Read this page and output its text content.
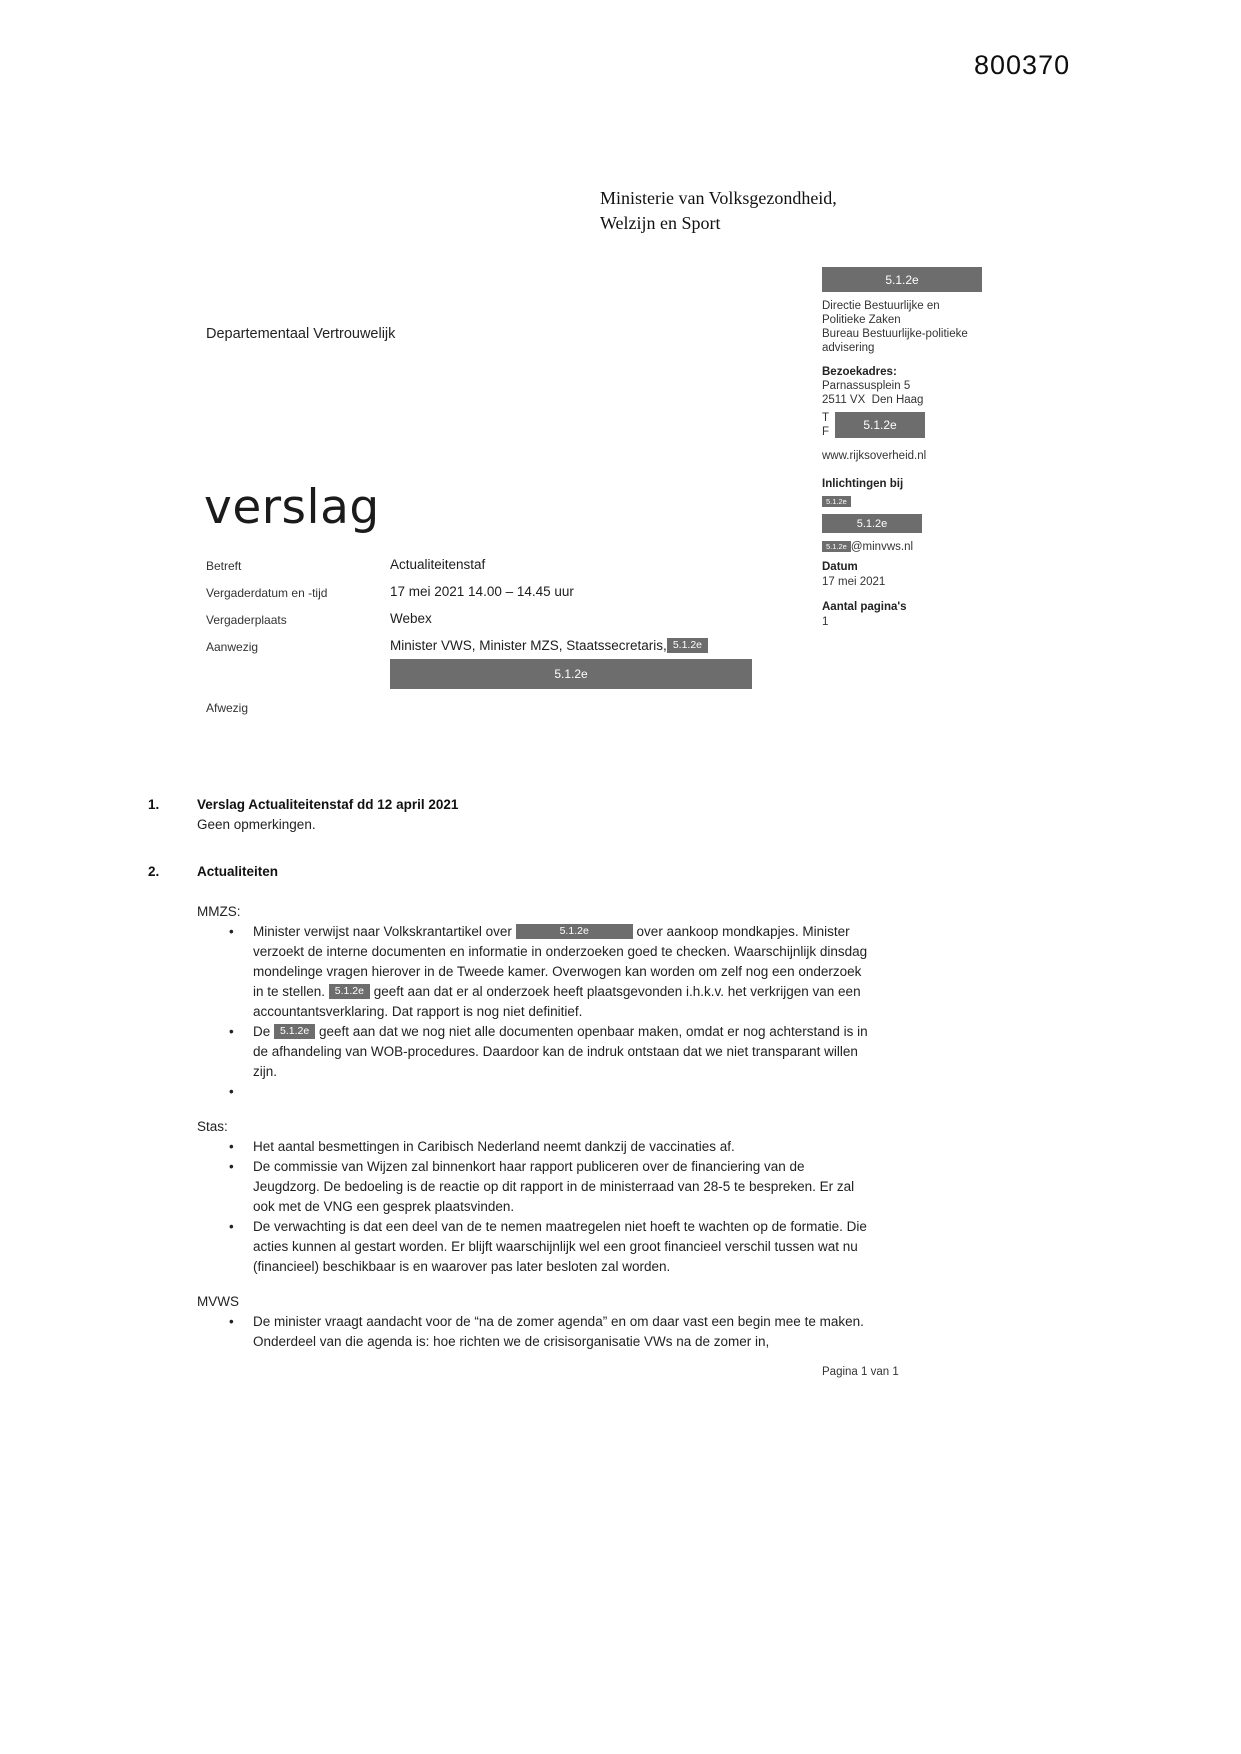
800370
Ministerie van Volksgezondheid,
Welzijn en Sport
Departementaal Vertrouwelijk
verslag
5.1.2e
Directie Bestuurlijke en
Politieke Zaken
Bureau Bestuurlijke-politieke
advisering
Bezoekadres:
Parnassusplein 5
2511 VX  Den Haag
T
F	5.1.2e
www.rijksoverheid.nl
Inlichtingen bij
5.1.2e
5.1.2e
5.1.2e @minvws.nl
Datum
17 mei 2021
Aantal pagina's
1
Betreft	Actualiteitenstaf
Vergaderdatum en -tijd	17 mei 2021 14.00 – 14.45 uur
Vergaderplaats	Webex
Aanwezig	Minister VWS, Minister MZS, Staatssecretaris, 5.1.2e
5.1.2e
Afwezig
1.	Verslag Actualiteitenstaf dd 12 april 2021
Geen opmerkingen.
2.	Actualiteiten
MMZS:
• Minister verwijst naar Volkskrantartikel over	5.1.2e	over aankoop mondkapjes. Minister verzoekt de interne documenten en informatie in onderzoeken goed te checken. Waarschijnlijk dinsdag mondelinge vragen hierover in de Tweede kamer. Overwogen kan worden om zelf nog een onderzoek in te stellen. 5.1.2e geeft aan dat er al onderzoek heeft plaatsgevonden i.h.k.v. het verkrijgen van een accountantsverklaring. Dat rapport is nog niet definitief.
• De 5.1.2e geeft aan dat we nog niet alle documenten openbaar maken, omdat er nog achterstand is in de afhandeling van WOB-procedures. Daardoor kan de indruk ontstaan dat we niet transparant willen zijn.
•
Stas:
• Het aantal besmettingen in Caribisch Nederland neemt dankzij de vaccinaties af.
• De commissie van Wijzen zal binnenkort haar rapport publiceren over de financiering van de Jeugdzorg. De bedoeling is de reactie op dit rapport in de ministerraad van 28-5 te bespreken. Er zal ook met de VNG een gesprek plaatsvinden.
• De verwachting is dat een deel van de te nemen maatregelen niet hoeft te wachten op de formatie. Die acties kunnen al gestart worden. Er blijft waarschijnlijk wel een groot financieel verschil tussen wat nu (financieel) beschikbaar is en waarover pas later besloten zal worden.
MVWS
• De minister vraagt aandacht voor de “na de zomer agenda” en om daar vast een begin mee te maken. Onderdeel van die agenda is: hoe richten we de crisisorganisatie VWs na de zomer in,
Pagina 1 van 1
